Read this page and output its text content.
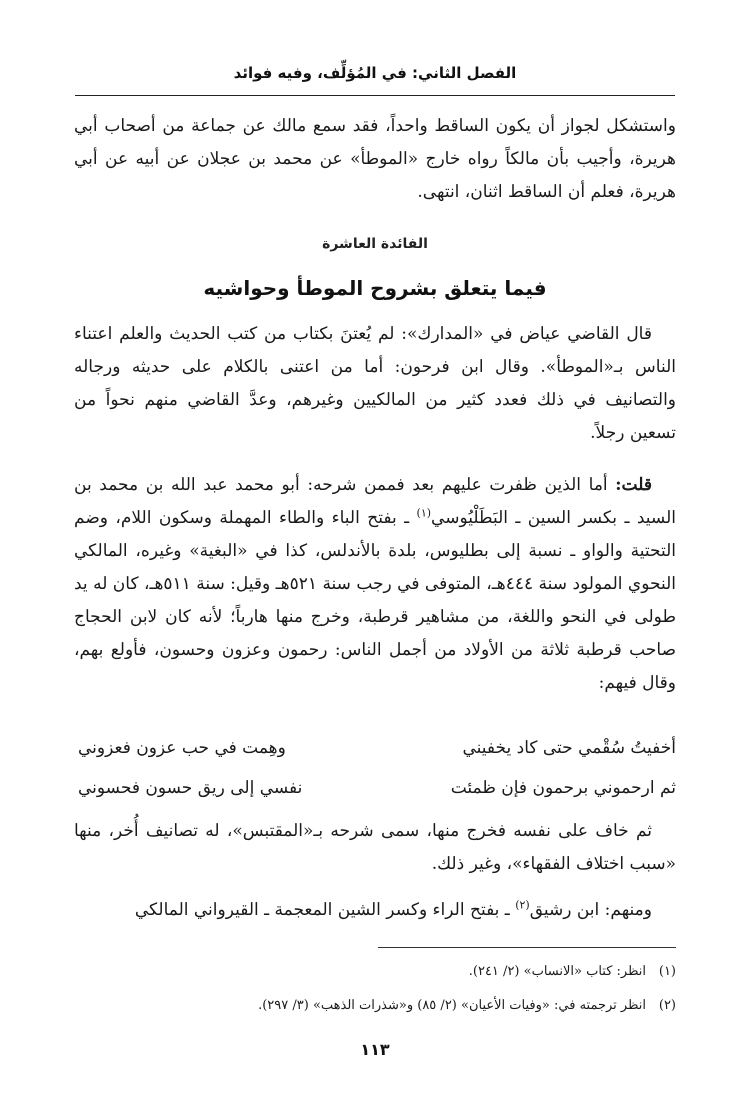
الفصل الثاني: في المُؤلِّف، وفيه فوائد

واستشكل لجواز أن يكون الساقط واحداً، فقد سمع مالك عن جماعة من أصحاب أبي هريرة، وأجيب بأن مالكاً رواه خارج «الموطأ» عن محمد بن عجلان عن أبيه عن أبي هريرة، فعلم أن الساقط اثنان، انتهى.

الفائدة العاشرة
فيما يتعلق بشروح الموطأ وحواشيه

قال القاضي عياض في «المدارك»: لم يُعتنَ بكتاب من كتب الحديث والعلم اعتناء الناس بـ«الموطأ». وقال ابن فرحون: أما من اعتنى بالكلام على حديثه ورجاله والتصانيف في ذلك فعدد كثير من المالكيين وغيرهم، وعدَّ القاضي منهم نحواً من تسعين رجلاً.

قلت: أما الذين ظفرت عليهم بعد فممن شرحه: أبو محمد عبد الله بن محمد بن السيد ـ بكسر السين ـ البَطَلْيُوسي$^{(١)}$ ـ بفتح الباء والطاء المهملة وسكون اللام، وضم التحتية والواو ـ نسبة إلى بطليوس، بلدة بالأندلس، كذا في «البغية» وغيره، المالكي النحوي المولود سنة ٤٤٤هـ، المتوفى في رجب سنة ٥٢١هـ وقيل: سنة ٥١١هـ، كان له يد طولى في النحو واللغة، من مشاهير قرطبة، وخرج منها هارباً؛ لأنه كان لابن الحجاج صاحب قرطبة ثلاثة من الأولاد من أجمل الناس: رحمون وعزون وحسون، فأولع بهم، وقال فيهم:

أخفيتُ سُقْمي حتى كاد يخفيني
وهِمت في حب عزون فعزوني
ثم ارحموني برحمون فإن ظمئت
نفسي إلى ريق حسون فحسوني

ثم خاف على نفسه فخرج منها، سمى شرحه بـ«المقتبس»، له تصانيف أُخر، منها «سبب اختلاف الفقهاء»، وغير ذلك.

ومنهم: ابن رشيق$^{(٢)}$ ـ بفتح الراء وكسر الشين المعجمة ـ القيرواني المالكي

(١)انظر: كتاب «الانساب» (٢/ ٢٤١).
(٢)انظر ترجمته في: «وفيات الأعيان» (٢/ ٨٥) و«شذرات الذهب» (٣/ ٢٩٧).
١١٣
